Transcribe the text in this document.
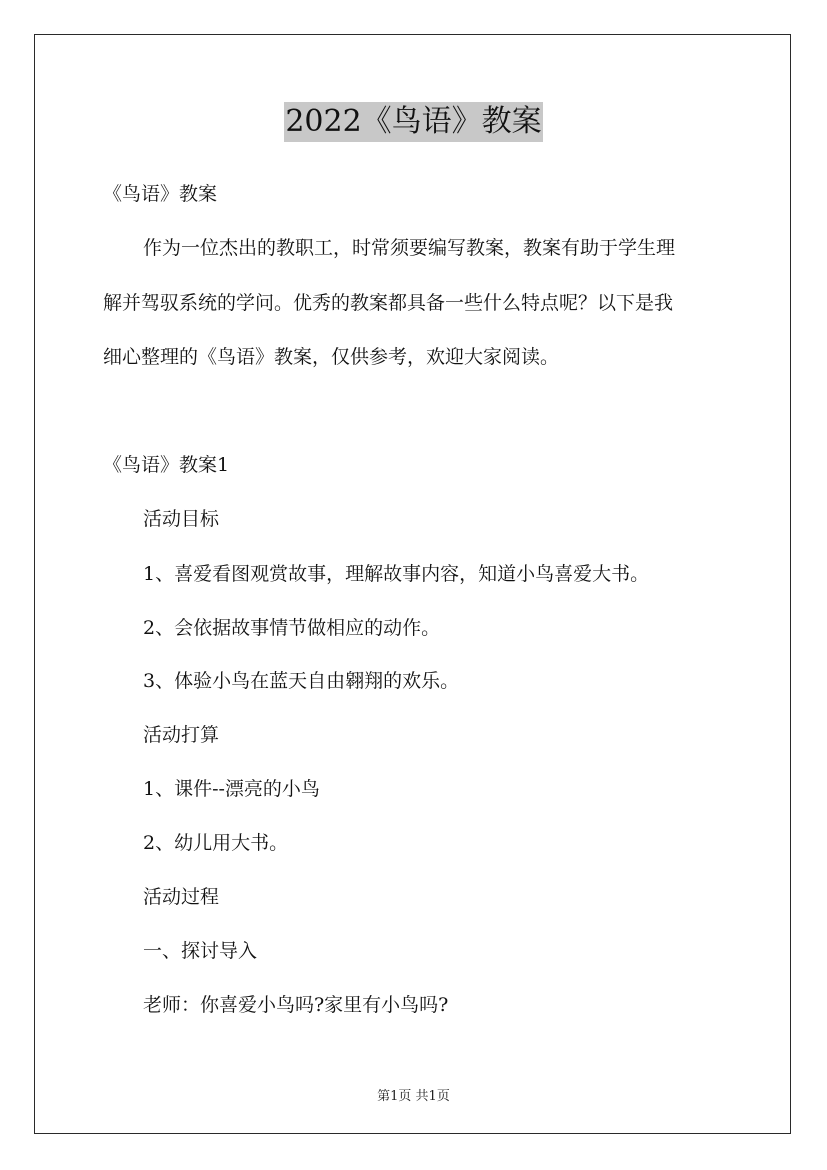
2022《鸟语》教案
《鸟语》教案
作为一位杰出的教职工，时常须要编写教案，教案有助于学生理
解并驾驭系统的学问。优秀的教案都具备一些什么特点呢？以下是我
细心整理的《鸟语》教案，仅供参考，欢迎大家阅读。
《鸟语》教案1
活动目标
1、喜爱看图观赏故事，理解故事内容，知道小鸟喜爱大书。
2、会依据故事情节做相应的动作。
3、体验小鸟在蓝天自由翱翔的欢乐。
活动打算
1、课件--漂亮的小鸟
2、幼儿用大书。
活动过程
一、探讨导入
老师：你喜爱小鸟吗?家里有小鸟吗?
第1页 共1页
